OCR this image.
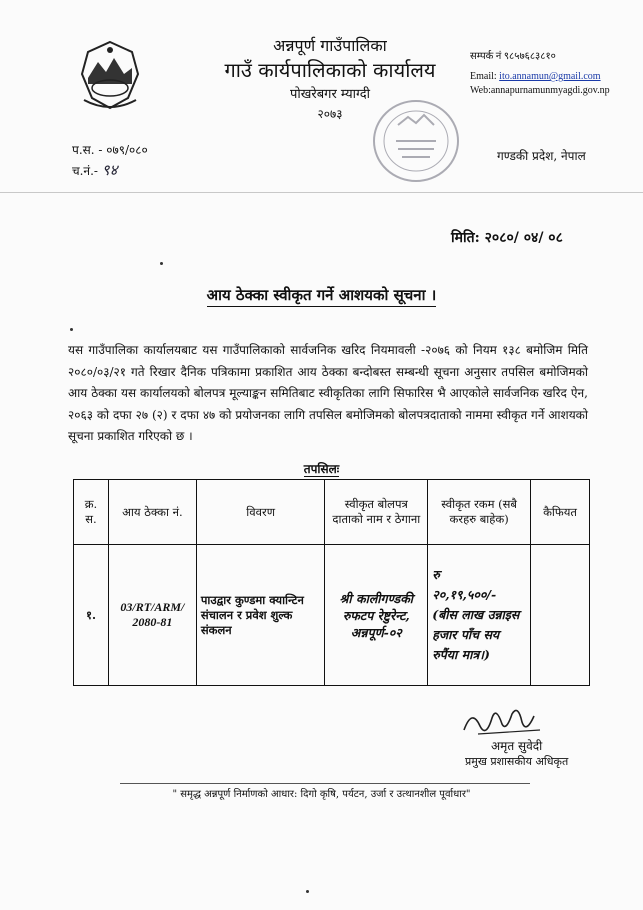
अन्नपूर्ण गाउँपालिका
गाउँ कार्यपालिकाको कार्यालय
पोखरेबगर म्याग्दी
२०७३
सम्पर्क नं ९८५७६८३८१०
Email: ito.annamun@gmail.com
Web:annapurnamunmyagdi.gov.np
प.स. - ०७९/०८०
च.नं.- ९४
गण्डकी प्रदेश, नेपाल
मिति: २०८०/ ०४/ ०८
आय ठेक्का स्वीकृत गर्ने आशयको सूचना ।
यस गाउँपालिका कार्यालयबाट यस गाउँपालिकाको सार्वजनिक खरिद नियमावली -२०७६ को नियम १३८ बमोजिम मिति २०८०/०३/२१ गते रिखार दैनिक पत्रिकामा प्रकाशित आय ठेक्का बन्दोबस्त सम्बन्धी सूचना अनुसार तपसिल बमोजिमको आय ठेक्का यस कार्यालयको बोलपत्र मूल्याङ्कन समितिबाट स्वीकृतिका लागि सिफारिस भै आएकोले सार्वजनिक खरिद ऐन, २०६३ को दफा २७ (२) र दफा ४७ को प्रयोजनका लागि तपसिल बमोजिमको बोलपत्रदाताको नाममा स्वीकृत गर्ने आशयको सूचना प्रकाशित गरिएको छ ।
तपसिलः
क्र. स.	आय ठेक्का नं.	विवरण	स्वीकृत बोलपत्र दाताको नाम र ठेगाना	स्वीकृत रकम (सबै करहरु बाहेक)	कैफियत
१.	03/RT/ARM/ 2080-81	पाउद्वार कुण्डमा क्यान्टिन संचालन र प्रवेश शुल्क संकलन	श्री कालीगण्डकी रुफटप रेष्टुरेन्ट, अन्नपूर्ण-०२	रु
२०,१९,५००/-
(बीस लाख उन्नाइस हजार पाँच सय रुपैंया मात्र।)	

अमृत सुवेदी
प्रमुख प्रशासकीय अधिकृत
" समृद्ध अन्नपूर्ण निर्माणको आधार: दिगो कृषि, पर्यटन, उर्जा र उत्थानशील पूर्वाधार"
